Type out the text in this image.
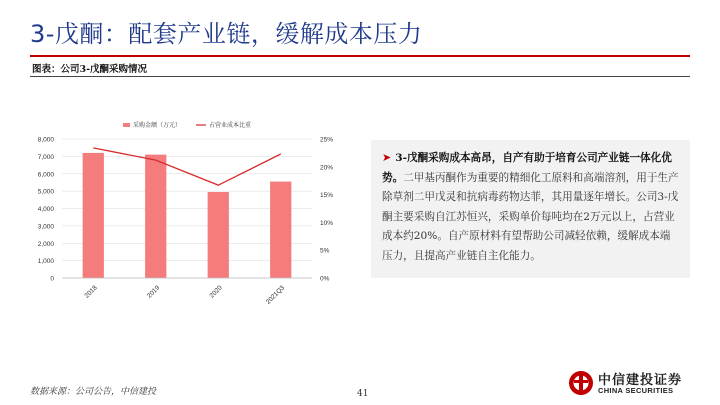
3-戊酮：配套产业链，缓解成本压力
图表：公司3-戊酮采购情况
0
1,000
2,000
3,000
4,000
5,000
6,000
7,000
8,000
0%
5%
10%
15%
20%
25%
2018	2019	2020	2021Q3
采购金额（万元）	占营业成本比重
➤ 3-戊酮采购成本高昂，自产有助于培育公司产业链一体化优势。二甲基丙酮作为重要的精细化工原料和高端溶剂，用于生产除草剂二甲戊灵和抗病毒药物达菲，其用量逐年增长。公司3-戊酮主要采购自江苏恒兴，采购单价每吨均在2万元以上，占营业成本约20%。自产原材料有望帮助公司减轻依赖，缓解成本端压力，且提高产业链自主化能力。
数据来源：公司公告，中信建投	41
中信建投证券
CHINA SECURITIES
